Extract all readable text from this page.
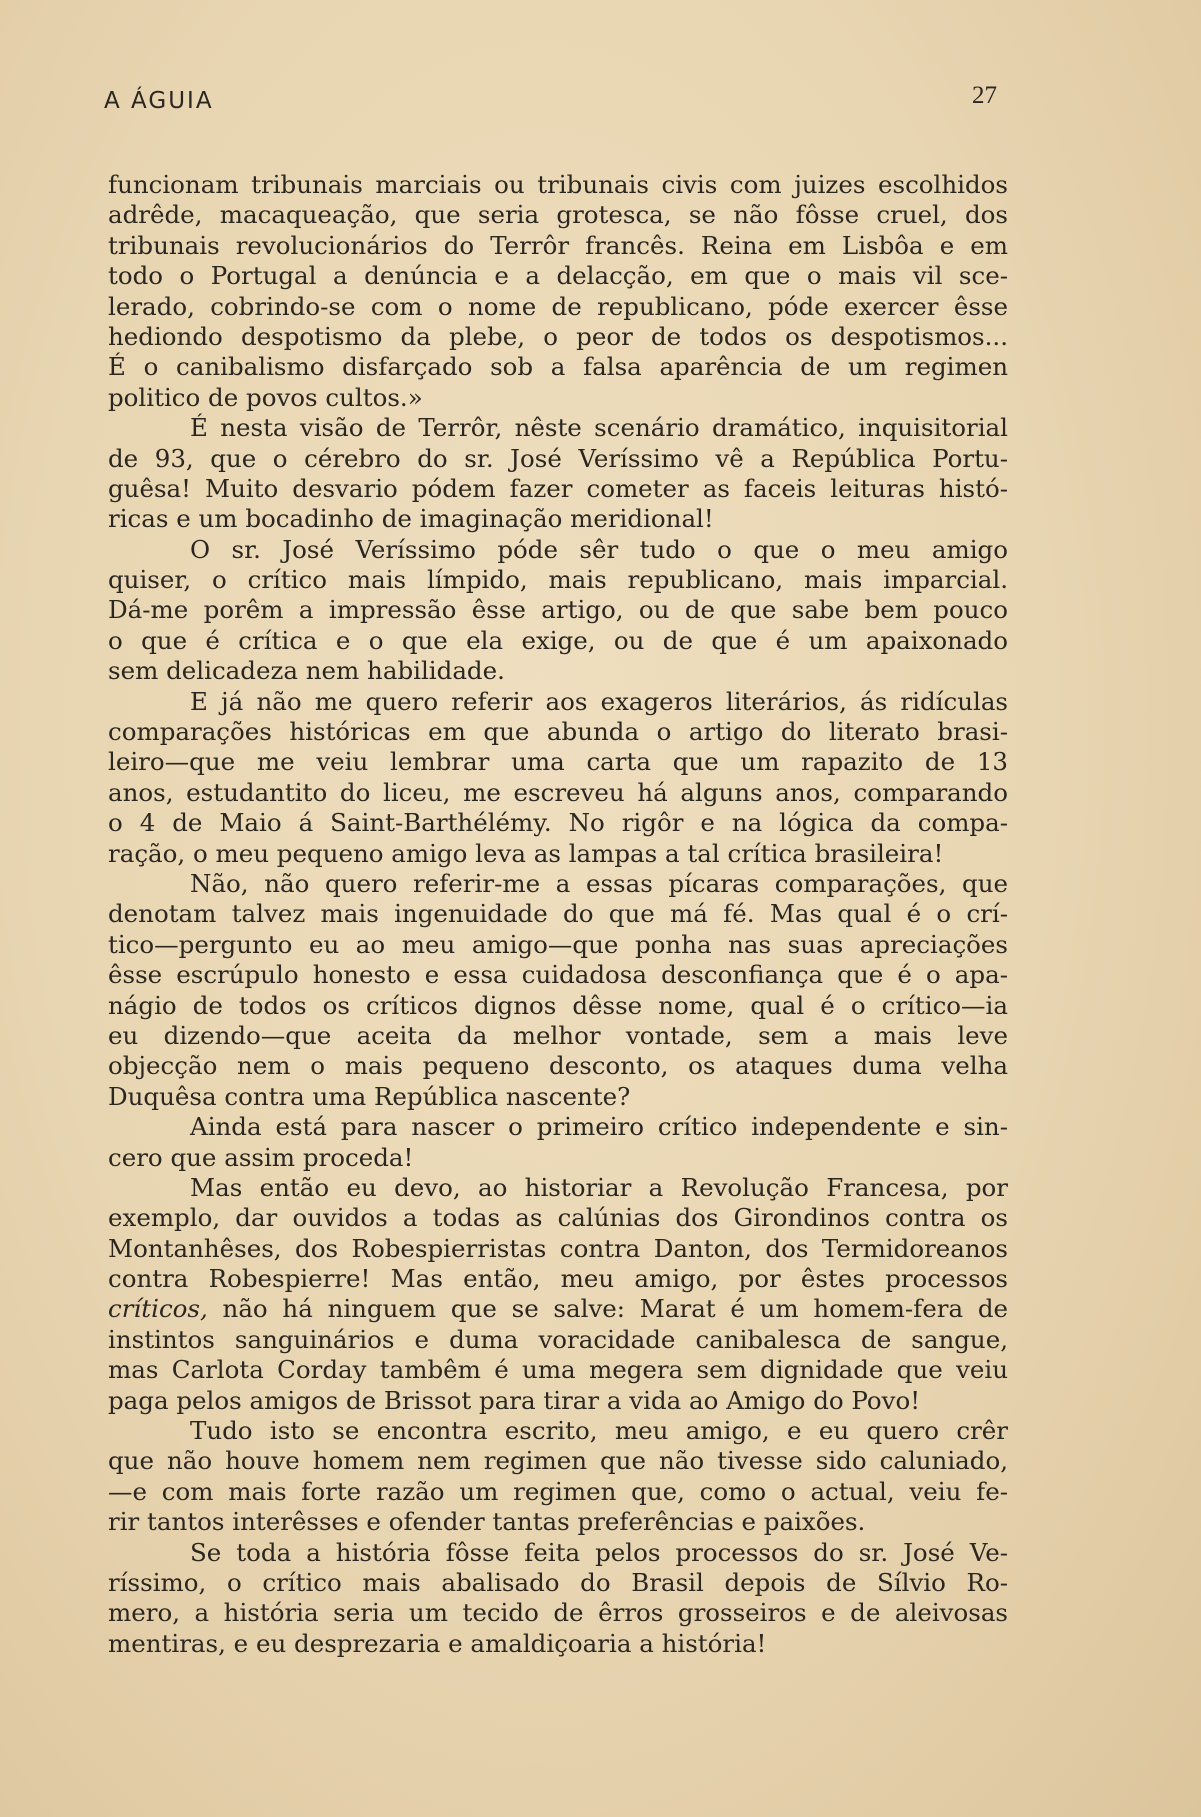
A ÁGUIA	27
funcionam tribunais marciais ou tribunais civis com juizes escolhidos
adrêde, macaqueação, que seria grotesca, se não fôsse cruel, dos
tribunais revolucionários do Terrôr francês. Reina em Lisbôa e em
todo o Portugal a denúncia e a delacção, em que o mais vil sce-
lerado, cobrindo-se com o nome de republicano, póde exercer êsse
hediondo despotismo da plebe, o peor de todos os despotismos...
É o canibalismo disfarçado sob a falsa aparência de um regimen
politico de povos cultos.»
É nesta visão de Terrôr, nêste scenário dramático, inquisitorial
de 93, que o cérebro do sr. José Veríssimo vê a República Portu-
guêsa! Muito desvario pódem fazer cometer as faceis leituras histó-
ricas e um bocadinho de imaginação meridional!
O sr. José Veríssimo póde sêr tudo o que o meu amigo
quiser, o crítico mais límpido, mais republicano, mais imparcial.
Dá-me porêm a impressão êsse artigo, ou de que sabe bem pouco
o que é crítica e o que ela exige, ou de que é um apaixonado
sem delicadeza nem habilidade.
E já não me quero referir aos exageros literários, ás ridículas
comparações históricas em que abunda o artigo do literato brasi-
leiro—que me veiu lembrar uma carta que um rapazito de 13
anos, estudantito do liceu, me escreveu há alguns anos, comparando
o 4 de Maio á Saint-Barthélémy. No rigôr e na lógica da compa-
ração, o meu pequeno amigo leva as lampas a tal crítica brasileira!
Não, não quero referir-me a essas pícaras comparações, que
denotam talvez mais ingenuidade do que má fé. Mas qual é o crí-
tico—pergunto eu ao meu amigo—que ponha nas suas apreciações
êsse escrúpulo honesto e essa cuidadosa desconfiança que é o apa-
nágio de todos os críticos dignos dêsse nome, qual é o crítico—ia
eu dizendo—que aceita da melhor vontade, sem a mais leve
objecção nem o mais pequeno desconto, os ataques duma velha
Duquêsa contra uma República nascente?
Ainda está para nascer o primeiro crítico independente e sin-
cero que assim proceda!
Mas então eu devo, ao historiar a Revolução Francesa, por
exemplo, dar ouvidos a todas as calúnias dos Girondinos contra os
Montanhêses, dos Robespierristas contra Danton, dos Termidoreanos
contra Robespierre! Mas então, meu amigo, por êstes processos
críticos, não há ninguem que se salve: Marat é um homem-fera de
instintos sanguinários e duma voracidade canibalesca de sangue,
mas Carlota Corday tambêm é uma megera sem dignidade que veiu
paga pelos amigos de Brissot para tirar a vida ao Amigo do Povo!
Tudo isto se encontra escrito, meu amigo, e eu quero crêr
que não houve homem nem regimen que não tivesse sido caluniado,
—e com mais forte razão um regimen que, como o actual, veiu fe-
rir tantos interêsses e ofender tantas preferências e paixões.
Se toda a história fôsse feita pelos processos do sr. José Ve-
ríssimo, o crítico mais abalisado do Brasil depois de Sílvio Ro-
mero, a história seria um tecido de êrros grosseiros e de aleivosas
mentiras, e eu desprezaria e amaldiçoaria a história!
